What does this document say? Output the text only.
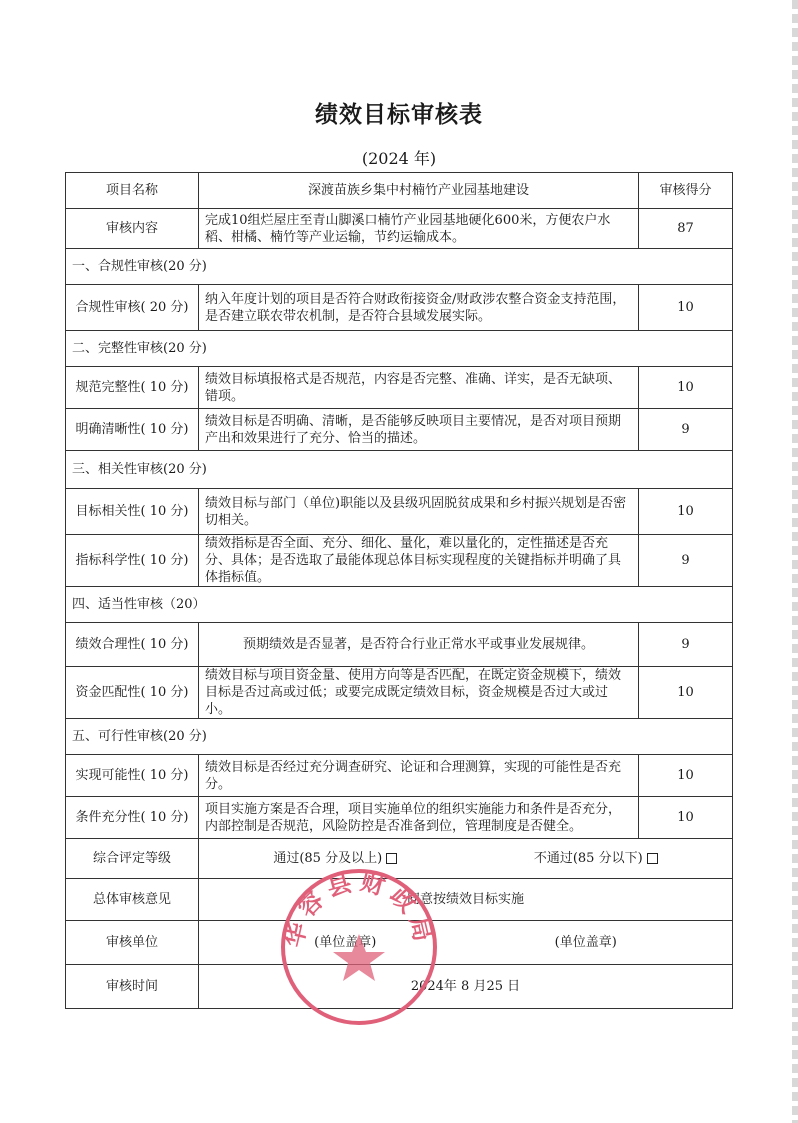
绩效目标审核表
(2024 年)
项目名称	深渡苗族乡集中村楠竹产业园基地建设	审核得分
审核内容	完成10组烂屋庄至青山脚溪口楠竹产业园基地硬化600米，方便农户水稻、柑橘、楠竹等产业运输，节约运输成本。	87
一、合规性审核(20 分)		
合规性审核( 20 分)	纳入年度计划的项目是否符合财政衔接资金/财政涉农整合资金支持范围，是否建立联农带农机制，是否符合县域发展实际。	10
二、完整性审核(20 分)		
规范完整性( 10 分)	绩效目标填报格式是否规范，内容是否完整、准确、详实，是否无缺项、错项。	10
明确清晰性( 10 分)	绩效目标是否明确、清晰，是否能够反映项目主要情况，是否对项目预期产出和效果进行了充分、恰当的描述。	9
三、相关性审核(20 分)		
目标相关性( 10 分)	绩效目标与部门（单位)职能以及县级巩固脱贫成果和乡村振兴规划是否密切相关。	10
指标科学性( 10 分)	绩效指标是否全面、充分、细化、量化，难以量化的，定性描述是否充分、具体；是否选取了最能体现总体目标实现程度的关键指标并明确了具体指标值。	9
四、适当性审核（20）		
绩效合理性( 10 分)	预期绩效是否显著，是否符合行业正常水平或事业发展规律。	9
资金匹配性( 10 分)	绩效目标与项目资金量、使用方向等是否匹配，在既定资金规模下，绩效目标是否过高或过低；或要完成既定绩效目标，资金规模是否过大或过小。	10
五、可行性审核(20 分)		
实现可能性( 10 分)	绩效目标是否经过充分调查研究、论证和合理测算，实现的可能性是否充分。	10
条件充分性( 10 分)	项目实施方案是否合理，项目实施单位的组织实施能力和条件是否充分，内部控制是否规范，风险防控是否准备到位，管理制度是否健全。	10
综合评定等级	通过(85 分及以上) 不通过(85 分以下)	

总体审核意见	同意按绩效目标实施	
审核单位	(单位盖章) (单位盖章)	

审核时间	2024年 8 月25 日	
华容县财政局
